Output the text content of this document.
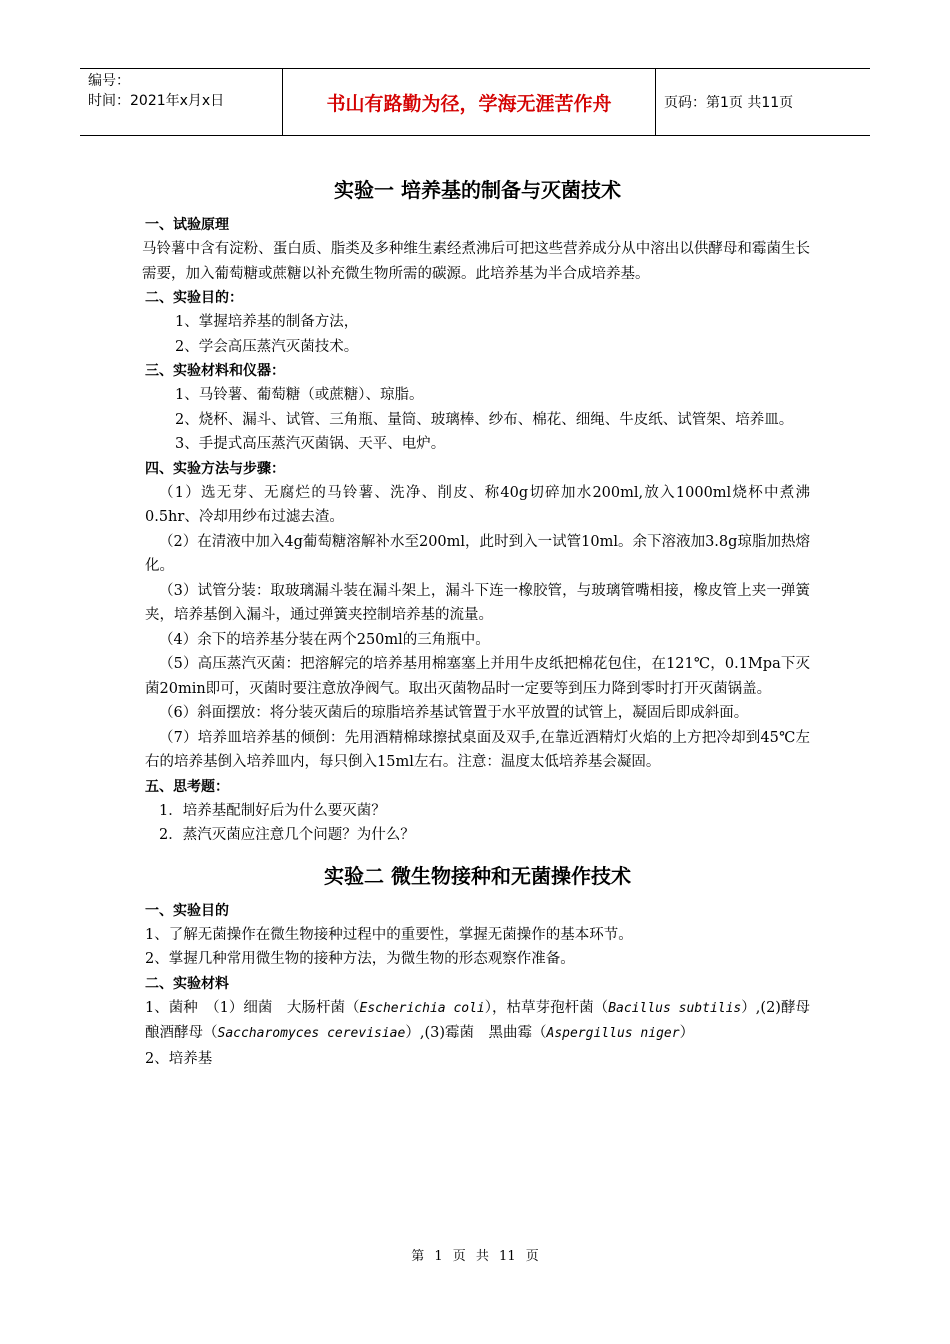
编号：
时间：2021年x月x日	书山有路勤为径，学海无涯苦作舟	页码：第1页 共11页
实验一 培养基的制备与灭菌技术
一、试验原理

马铃薯中含有淀粉、蛋白质、脂类及多种维生素经煮沸后可把这些营养成分从中溶出以供酵母和霉菌生长需要，加入葡萄糖或蔗糖以补充微生物所需的碳源。此培养基为半合成培养基。

二、实验目的：

1、掌握培养基的制备方法，

2、学会高压蒸汽灭菌技术。

三、实验材料和仪器：

1、马铃薯、葡萄糖（或蔗糖）、琼脂。

2、烧杯、漏斗、试管、三角瓶、量筒、玻璃棒、纱布、棉花、细绳、牛皮纸、试管架、培养皿。

3、手提式高压蒸汽灭菌锅、天平、电炉。

四、实验方法与步骤：

（1）选无芽、无腐烂的马铃薯、洗净、削皮、称40g切碎加水200ml,放入1000ml烧杯中煮沸0.5hr、冷却用纱布过滤去渣。

（2）在清液中加入4g葡萄糖溶解补水至200ml，此时到入一试管10ml。余下溶液加3.8g琼脂加热熔化。

（3）试管分装：取玻璃漏斗装在漏斗架上，漏斗下连一橡胶管，与玻璃管嘴相接，橡皮管上夹一弹簧夹，培养基倒入漏斗，通过弹簧夹控制培养基的流量。

（4）余下的培养基分装在两个250ml的三角瓶中。

（5）高压蒸汽灭菌：把溶解完的培养基用棉塞塞上并用牛皮纸把棉花包住，在121℃，0.1Mpa下灭菌20min即可，灭菌时要注意放净阀气。取出灭菌物品时一定要等到压力降到零时打开灭菌锅盖。

（6）斜面摆放：将分装灭菌后的琼脂培养基试管置于水平放置的试管上，凝固后即成斜面。

（7）培养皿培养基的倾倒：先用酒精棉球擦拭桌面及双手,在靠近酒精灯火焰的上方把冷却到45℃左右的培养基倒入培养皿内，每只倒入15ml左右。注意：温度太低培养基会凝固。

五、思考题：

1．培养基配制好后为什么要灭菌？

2．蒸汽灭菌应注意几个问题？为什么？

实验二 微生物接种和无菌操作技术
一、实验目的

1、了解无菌操作在微生物接种过程中的重要性，掌握无菌操作的基本环节。

2、掌握几种常用微生物的接种方法，为微生物的形态观察作准备。

二、实验材料

1、菌种　（1）细菌　大肠杆菌（Escherichia coli），枯草芽孢杆菌（Bacillus subtilis）,(2)酵母　酿酒酵母（Saccharomyces cerevisiae）,(3)霉菌　黑曲霉（Aspergillus niger）

2、培养基

第 1 页 共 11 页
